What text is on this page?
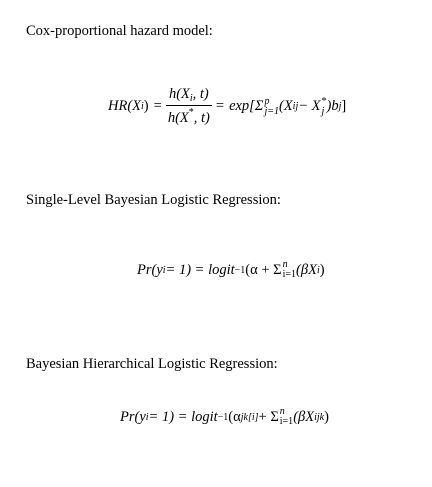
Cox-proportional hazard model:
HR(X i ) = $\frac{h(X_i, t)}{h(X^*, t)} = \exp[\Sigma$ p
j=1 (X ij − X *
j )b j ]
Single-Level Bayesian Logistic Regression:
Pr(y i = 1) = logit −1 (α + Σ n
i=1 (βX i )
Bayesian Hierarchical Logistic Regression:
Pr(y i = 1) = logit −1 (α jk[i] + Σ n
i=1 (βX ijk )
